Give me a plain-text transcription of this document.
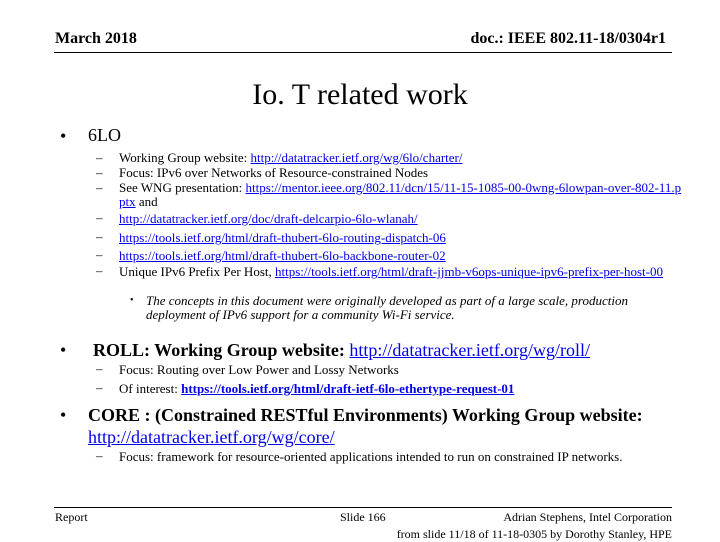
March 2018	doc.: IEEE 802.11-18/0304r1
Io. T related work
• 6LO
– Working Group website: http://datatracker.ietf.org/wg/6lo/charter/
– Focus: IPv6 over Networks of Resource-constrained Nodes
– See WNG presentation: https://mentor.ieee.org/802.11/dcn/15/11-15-1085-00-0wng-6lowpan-over-802-11.pptx and
– http://datatracker.ietf.org/doc/draft-delcarpio-6lo-wlanah/
– https://tools.ietf.org/html/draft-thubert-6lo-routing-dispatch-06
– https://tools.ietf.org/html/draft-thubert-6lo-backbone-router-02
– Unique IPv6 Prefix Per Host, https://tools.ietf.org/html/draft-jjmb-v6ops-unique-ipv6-prefix-per-host-00
• The concepts in this document were originally developed as part of a large scale, production deployment of IPv6 support for a community Wi-Fi service.
• ROLL: Working Group website: http://datatracker.ietf.org/wg/roll/
– Focus: Routing over Low Power and Lossy Networks
– Of interest: https://tools.ietf.org/html/draft-ietf-6lo-ethertype-request-01
• CORE : (Constrained RESTful Environments) Working Group website:
http://datatracker.ietf.org/wg/core/
– Focus: framework for resource-oriented applications intended to run on constrained IP networks.
Report	Slide 166	Adrian Stephens, Intel Corporation
from slide 11/18 of 11-18-0305 by Dorothy Stanley, HPE
